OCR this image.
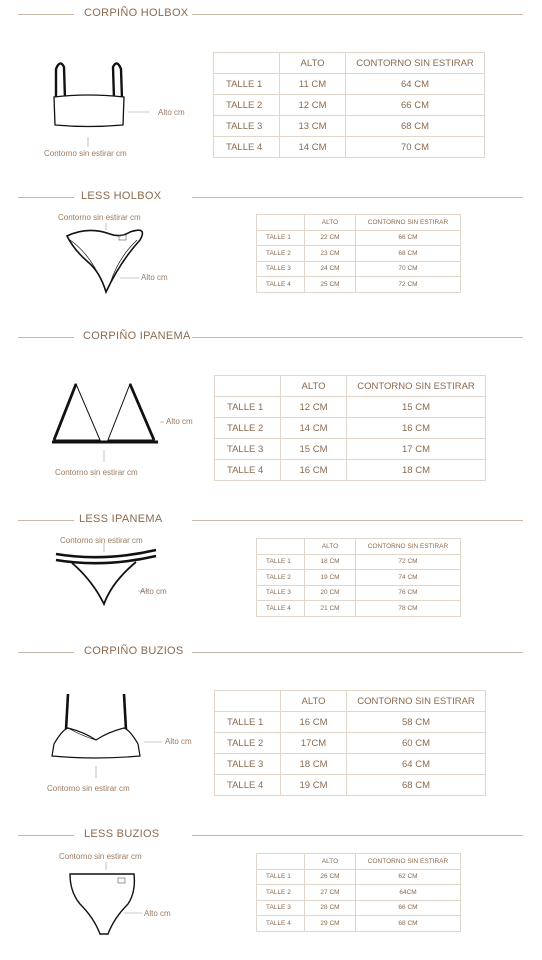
CORPIÑO HOLBOX
Alto cm
Contorno sin estirar cm
	ALTO	CONTORNO SIN ESTIRAR
TALLE 1	11 CM	64 CM
TALLE 2	12 CM	66 CM
TALLE 3	13 CM	68 CM
TALLE 4	14 CM	70 CM
LESS HOLBOX
Contorno sin estirar cm
Alto cm
	ALTO	CONTORNO SIN ESTIRAR
TALLE 1	22 CM	66 CM
TALLE 2	23 CM	68 CM
TALLE 3	24 CM	70 CM
TALLE 4	25 CM	72 CM
CORPIÑO IPANEMA
Alto cm
Contorno sin estirar cm
	ALTO	CONTORNO SIN ESTIRAR
TALLE 1	12 CM	15 CM
TALLE 2	14 CM	16 CM
TALLE 3	15 CM	17 CM
TALLE 4	16 CM	18 CM
LESS IPANEMA
Contorno sin estirar cm
Alto cm
	ALTO	CONTORNO SIN ESTIRAR
TALLE 1	18 CM	72 CM
TALLE 2	19 CM	74 CM
TALLE 3	20 CM	76 CM
TALLE 4	21 CM	78 CM
CORPIÑO BUZIOS
Alto cm
Contorno sin estirar cm
	ALTO	CONTORNO SIN ESTIRAR
TALLE 1	16 CM	58 CM
TALLE 2	17CM	60 CM
TALLE 3	18 CM	64 CM
TALLE 4	19 CM	68 CM
LESS BUZIOS
Contorno sin estirar cm
Alto cm
	ALTO	CONTORNO SIN ESTIRAR
TALLE 1	26 CM	62 CM
TALLE 2	27 CM	64CM
TALLE 3	28 CM	66 CM
TALLE 4	29 CM	68 CM
